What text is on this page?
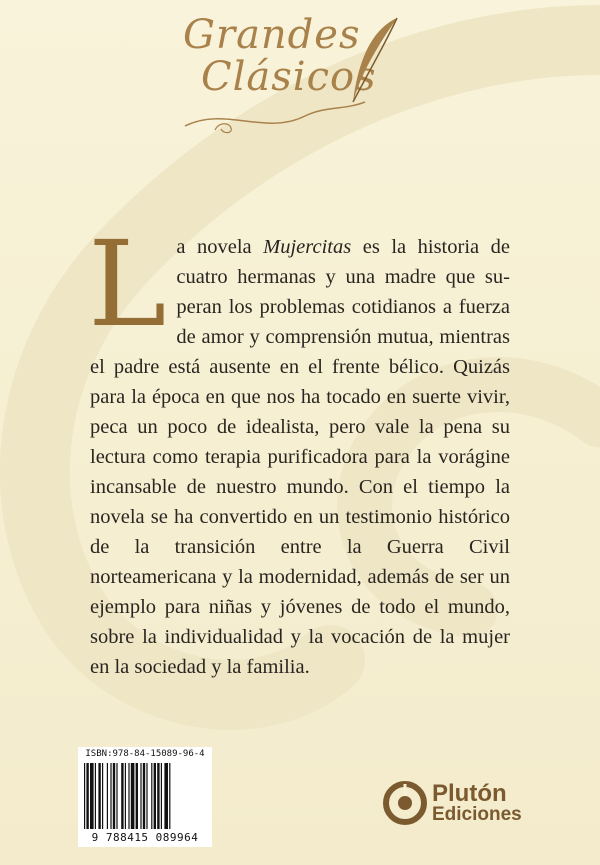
Grandes
Clásicos
La novela Mujercitas es la historia de cuatro hermanas y una madre que superan los problemas cotidianos a fuerza de amor y comprensión mutua, mientras el padre está ausente en el frente bélico. Quizás para la época en que nos ha tocado en suerte vivir, peca un poco de idealista, pero vale la pena su lectura como terapia purificadora para la vorágine incansable de nuestro mundo. Con el tiempo la novela se ha convertido en un testimonio histórico de la transición entre la Guerra Civil norteamericana y la modernidad, además de ser un ejemplo para niñas y jóvenes de todo el mundo, sobre la individualidad y la vocación de la mujer en la sociedad y la familia.
ISBN:978-84-15089-96-4
9 788415 089964
Plutón
Ediciones
